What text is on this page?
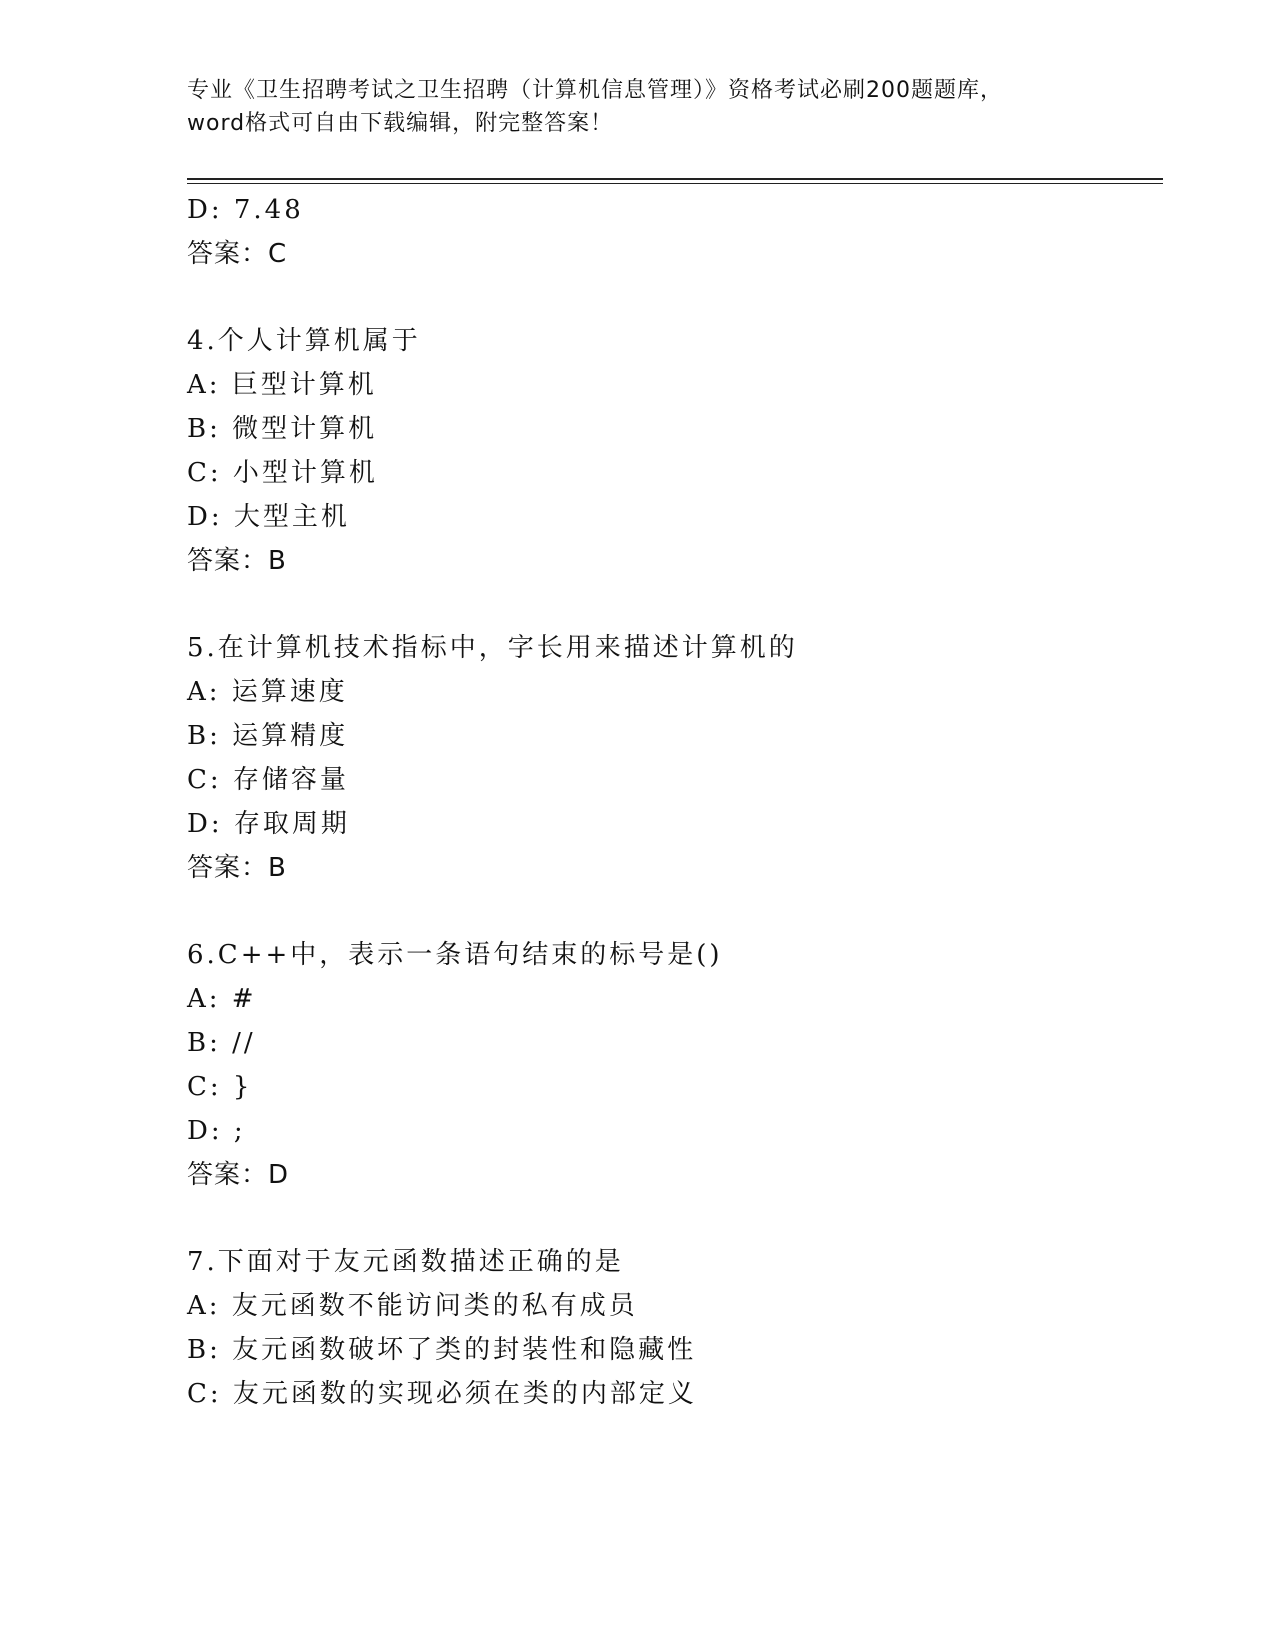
专业《卫生招聘考试之卫生招聘（计算机信息管理）》资格考试必刷200题题库，

word格式可自由下载编辑，附完整答案！

D: 7.48

答案：C

4.个人计算机属于

A: 巨型计算机

B: 微型计算机

C: 小型计算机

D: 大型主机

答案：B

5.在计算机技术指标中，字长用来描述计算机的

A: 运算速度

B: 运算精度

C: 存储容量

D: 存取周期

答案：B

6.C++中，表示一条语句结束的标号是()

A: #

B: //

C: }

D: ;

答案：D

7.下面对于友元函数描述正确的是

A: 友元函数不能访问类的私有成员

B: 友元函数破坏了类的封装性和隐藏性

C: 友元函数的实现必须在类的内部定义
